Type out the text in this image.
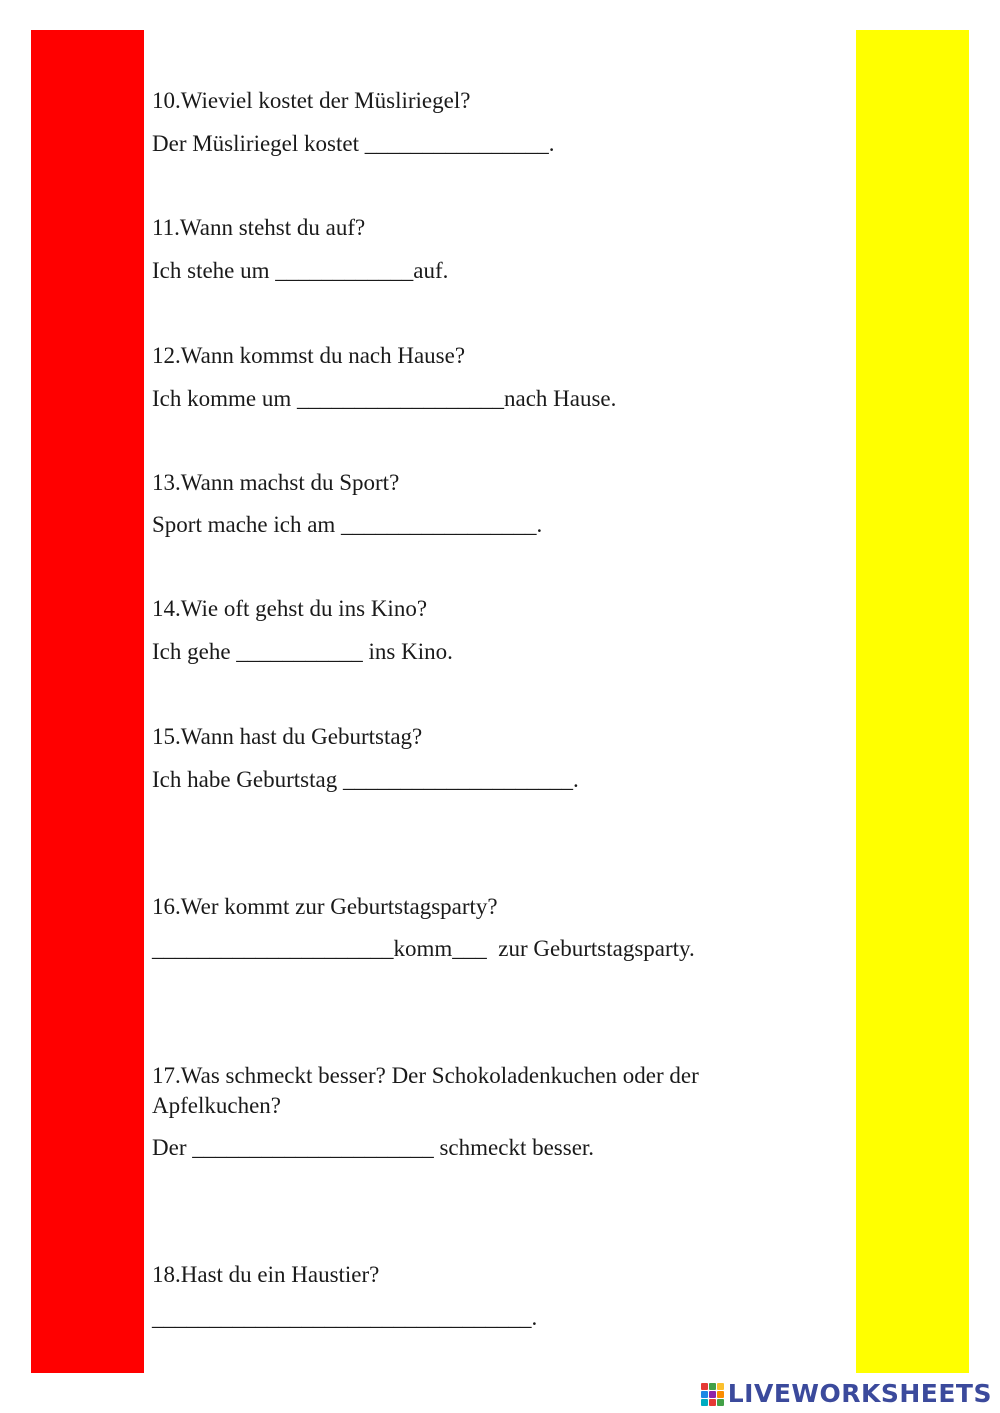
10.Wieviel kostet der Müsliriegel?

Der Müsliriegel kostet ________________.

11.Wann stehst du auf?

Ich stehe um ____________auf.

12.Wann kommst du nach Hause?

Ich komme um __________________nach Hause.

13.Wann machst du Sport?

Sport mache ich am _________________.

14.Wie oft gehst du ins Kino?

Ich gehe ___________ ins Kino.

15.Wann hast du Geburtstag?

Ich habe Geburtstag ____________________.

16.Wer kommt zur Geburtstagsparty?

_____________________komm___  zur Geburtstagsparty.

17.Was schmeckt besser? Der Schokoladenkuchen oder der Apfelkuchen?

Der _____________________ schmeckt besser.

18.Hast du ein Haustier?

_________________________________.

LIVEWORKSHEETS
